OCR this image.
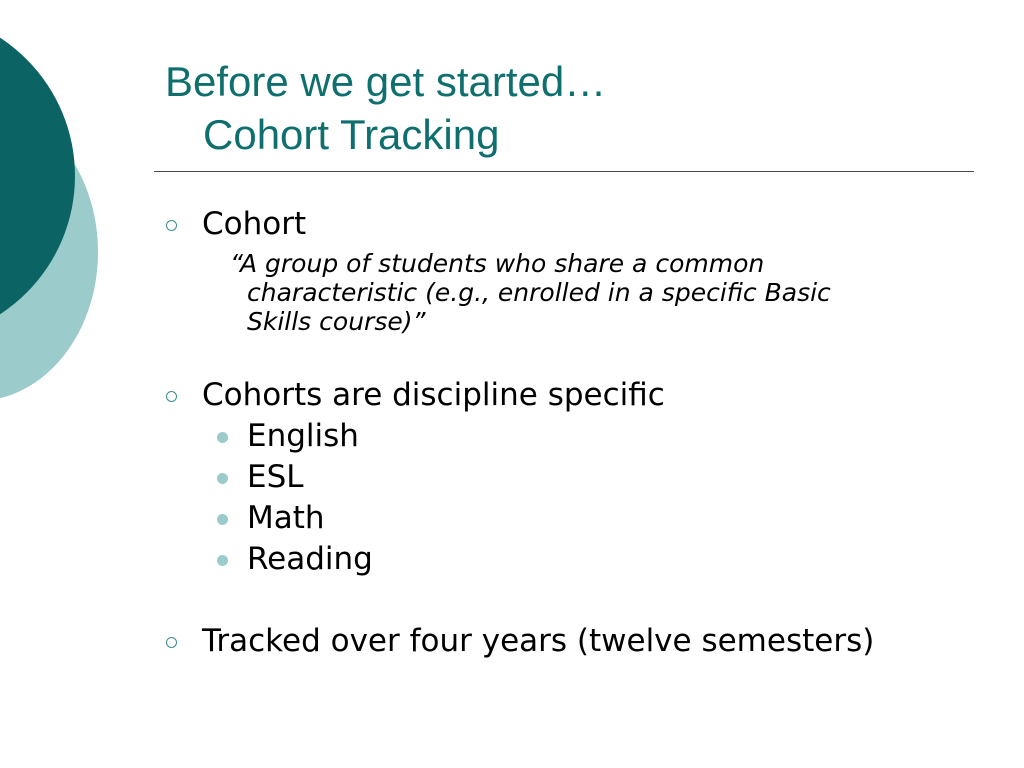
Before we get started…
Cohort Tracking
Cohort

“A group of students who share a common
characteristic (e.g., enrolled in a specific Basic
Skills course)”

Cohorts are discipline specific
English
ESL
Math
Reading
Tracked over four years (twelve semesters)
